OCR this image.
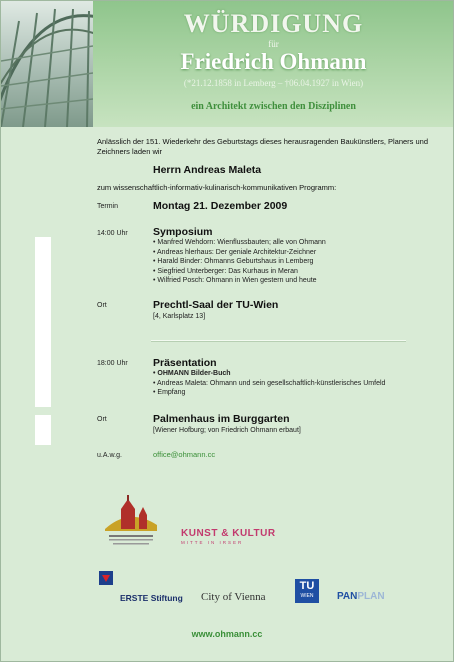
WÜRDIGUNG
für
Friedrich Ohmann
(*21.12.1858 in Lemberg – †06.04.1927 in Wien)
ein Architekt zwischen den Disziplinen
Anlässlich der 151. Wiederkehr des Geburtstags dieses herausragenden Baukünstlers, Planers und Zeichners laden wir
Herrn Andreas Maleta
zum wissenschaftlich-informativ-kulinarisch-kommunikativen Programm:
Termin	Montag 21. Dezember 2009
14:00 Uhr Symposium
• Manfred Wehdorn: Wienflussbauten; alle von Ohmann
• Andreas hlerhaus: Der geniale Architektur-Zeichner
• Harald Binder: Ohmanns Geburtshaus in Lemberg
• Siegfried Unterberger: Das Kurhaus in Meran
• Wilfried Posch: Ohmann in Wien gestern und heute
Ort	Prechtl-Saal der TU-Wien
[4, Karlsplatz 13]
18:00 Uhr Präsentation
• OHMANN Bilder-Buch
• Andreas Maleta: Ohmann und sein gesellschaftlich-künstlerisches Umfeld
• Empfang
Ort	Palmenhaus im Burggarten
[Wiener Hofburg; von Friedrich Ohmann erbaut]
u.A.w.g.	office@ohmann.cc
KUNST & KULTUR
MITTE IN IRSER
ERSTE Stiftung City of Vienna
TU
WIEN	PANPLAN
www.ohmann.cc
